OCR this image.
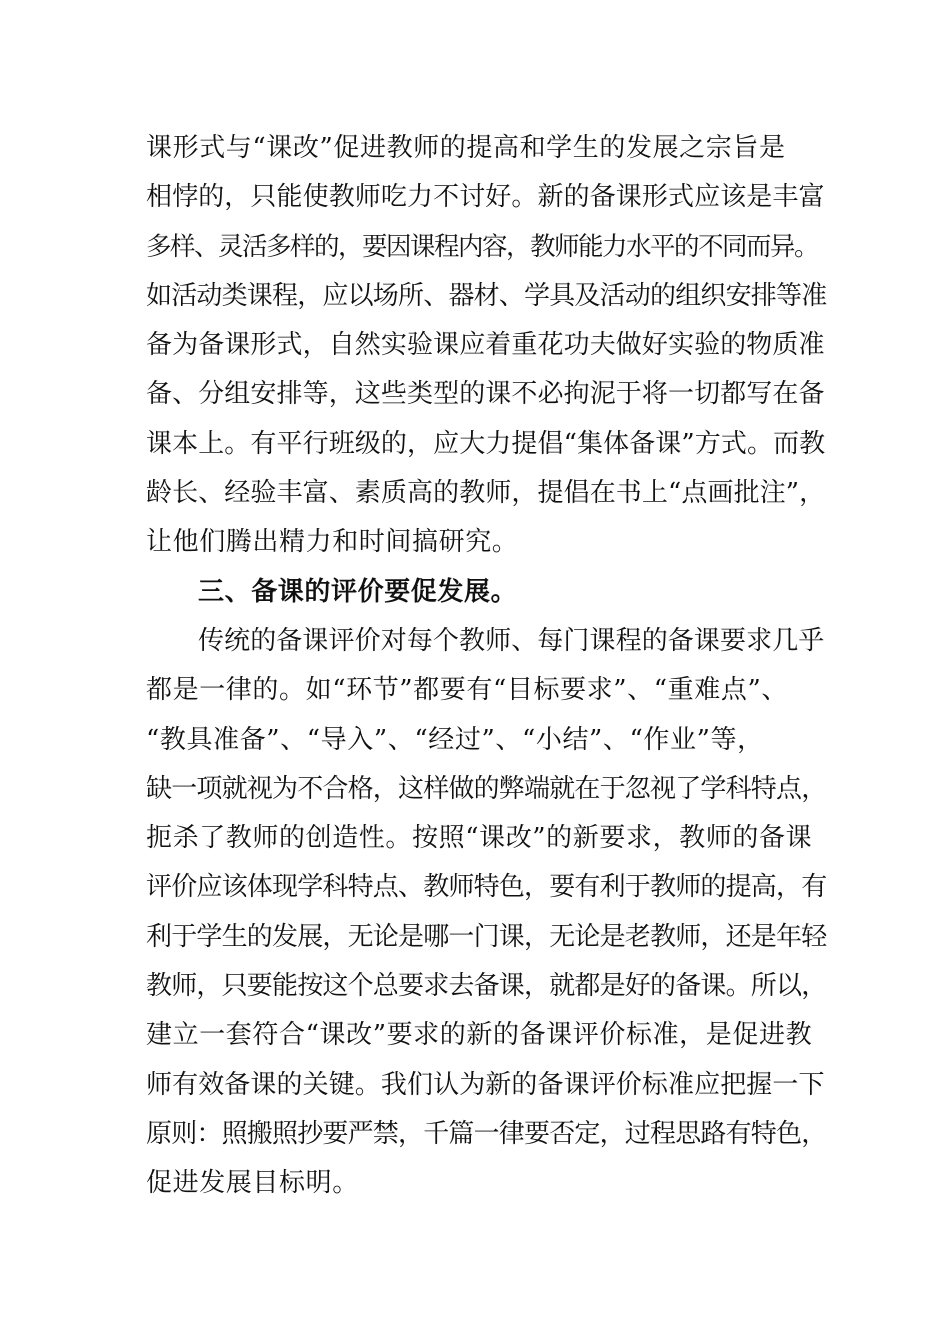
课形式与“课改”促进教师的提高和学生的发展之宗旨是
相悖的，只能使教师吃力不讨好。新的备课形式应该是丰富
多样、灵活多样的，要因课程内容，教师能力水平的不同而异。
如活动类课程，应以场所、器材、学具及活动的组织安排等准
备为备课形式，自然实验课应着重花功夫做好实验的物质准
备、分组安排等，这些类型的课不必拘泥于将一切都写在备
课本上。有平行班级的，应大力提倡“集体备课”方式。而教
龄长、经验丰富、素质高的教师，提倡在书上“点画批注”，
让他们腾出精力和时间搞研究。
三、备课的评价要促发展。
传统的备课评价对每个教师、每门课程的备课要求几乎
都是一律的。如“环节”都要有“目标要求”、“重难点”、
“教具准备”、“导入”、“经过”、“小结”、“作业”等，
缺一项就视为不合格，这样做的弊端就在于忽视了学科特点，
扼杀了教师的创造性。按照“课改”的新要求，教师的备课
评价应该体现学科特点、教师特色，要有利于教师的提高，有
利于学生的发展，无论是哪一门课，无论是老教师，还是年轻
教师，只要能按这个总要求去备课，就都是好的备课。所以，
建立一套符合“课改”要求的新的备课评价标准，是促进教
师有效备课的关键。我们认为新的备课评价标准应把握一下
原则：照搬照抄要严禁，千篇一律要否定，过程思路有特色，
促进发展目标明。
